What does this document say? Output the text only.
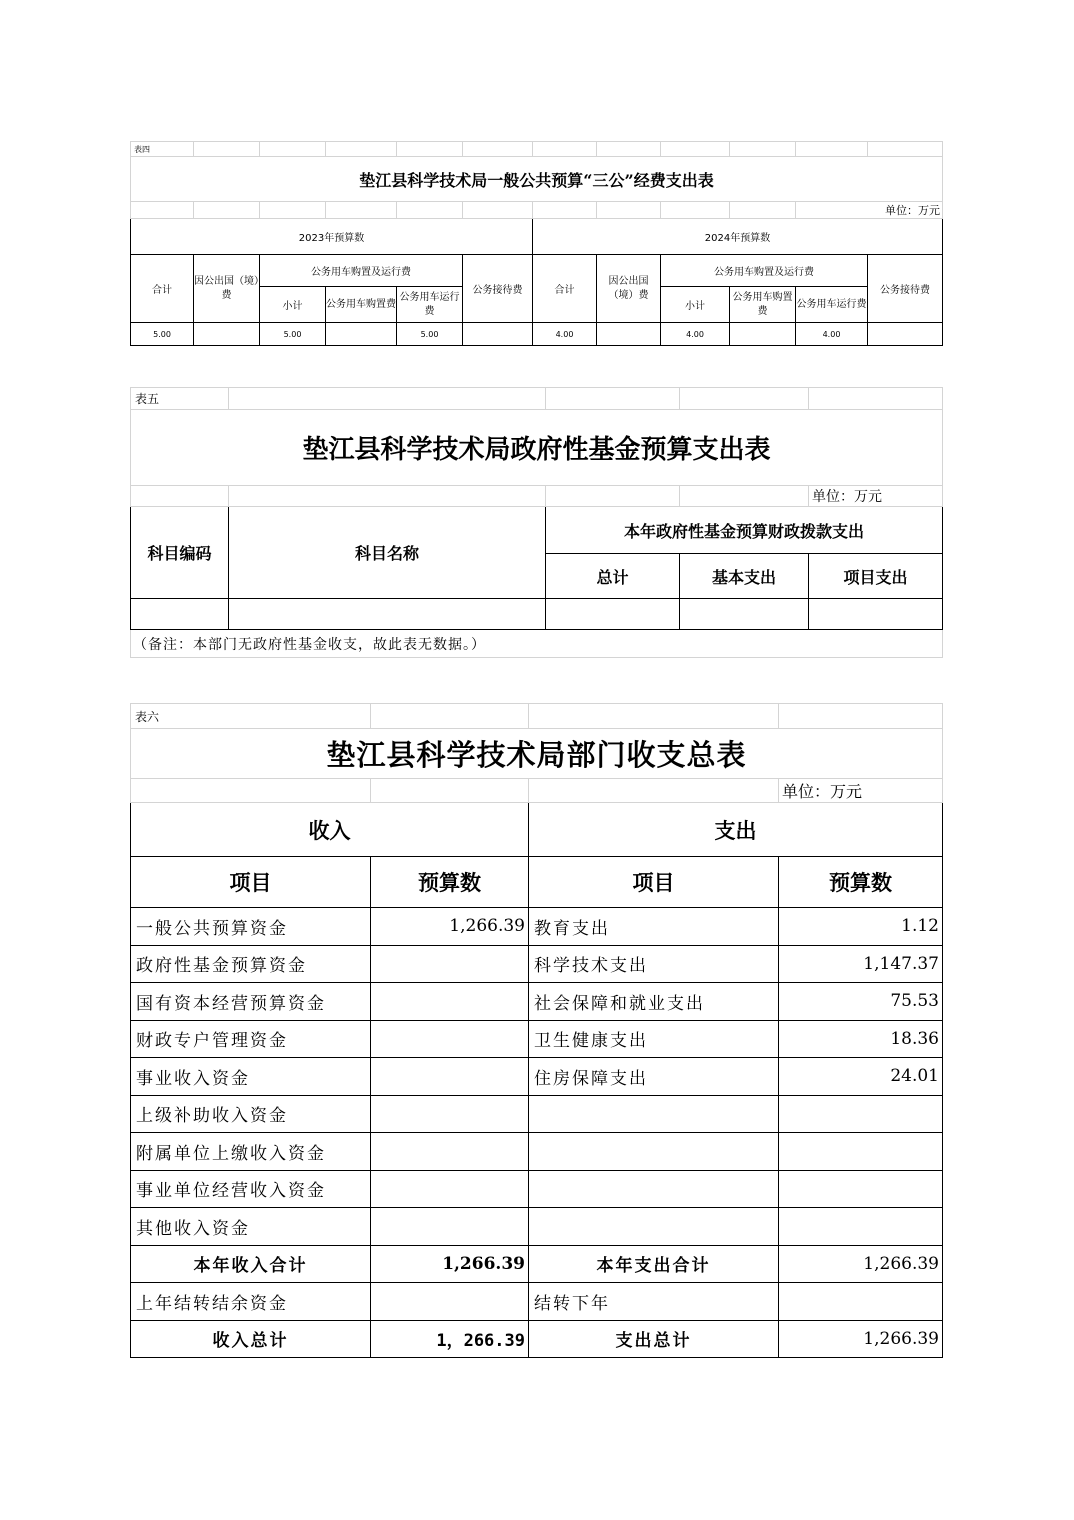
表四											
垫江县科学技术局一般公共预算“三公”经费支出表											
										单位：万元	
2023年预算数						2024年预算数					
合计	因公出国（境）费	公务用车购置及运行费			公务接待费	合计	因公出国（境）费	公务用车购置及运行费			公务接待费
		小计	公务用车购置费	公务用车运行费				小计	公务用车购置费	公务用车运行费	
5.00		5.00		5.00		4.00		4.00		4.00	
表五				
垫江县科学技术局政府性基金预算支出表				
				单位：万元
科目编码	科目名称	本年政府性基金预算财政拨款支出		
		总计	基本支出	项目支出

（备注：本部门无政府性基金收支，故此表无数据。）				
表六			
垫江县科学技术局部门收支总表			
			单位：万元
收入		支出	
项目	预算数	项目	预算数
一般公共预算资金	1,266.39	教育支出	1.12
政府性基金预算资金		科学技术支出	1,147.37
国有资本经营预算资金		社会保障和就业支出	75.53
财政专户管理资金		卫生健康支出	18.36
事业收入资金		住房保障支出	24.01
上级补助收入资金			
附属单位上缴收入资金			
事业单位经营收入资金			
其他收入资金			
本年收入合计	1,266.39	本年支出合计	1,266.39
上年结转结余资金		结转下年	
收入总计	1，266.39	支出总计	1,266.39
